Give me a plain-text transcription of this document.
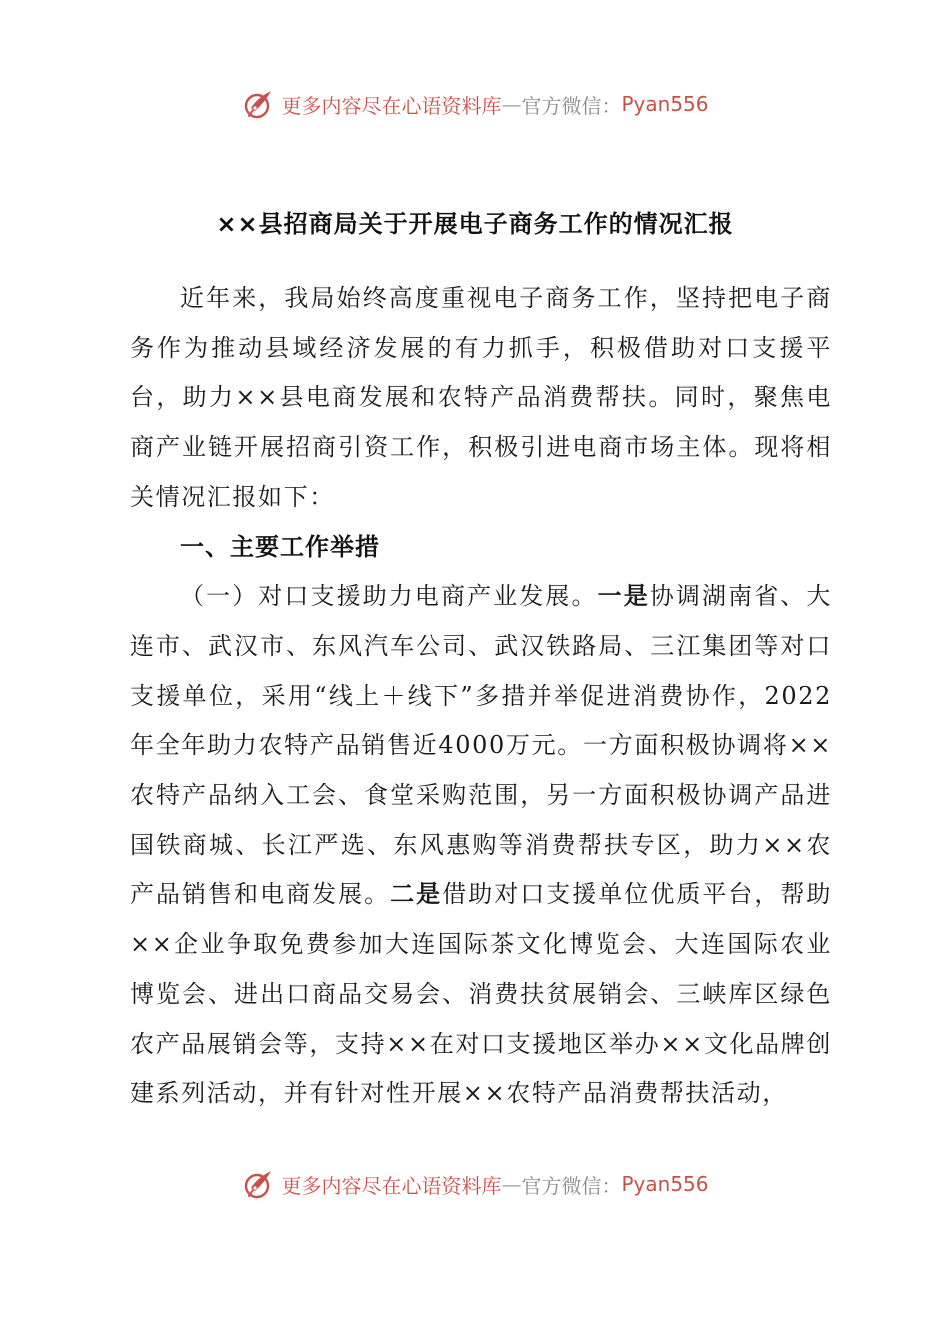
更多内容尽在心语资料库 — 官方微信： Pyan556
××县招商局关于开展电子商务工作的情况汇报

近年来，我局始终高度重视电子商务工作，坚持把电子商务作为推动县域经济发展的有力抓手，积极借助对口支援平台，助力××县电商发展和农特产品消费帮扶。同时，聚焦电商产业链开展招商引资工作，积极引进电商市场主体。现将相关情况汇报如下：

一、主要工作举措

（一）对口支援助力电商产业发展。一是协调湖南省、大连市、武汉市、东风汽车公司、武汉铁路局、三江集团等对口支援单位，采用“线上＋线下”多措并举促进消费协作，2022年全年助力农特产品销售近4000万元。一方面积极协调将××农特产品纳入工会、食堂采购范围，另一方面积极协调产品进国铁商城、长江严选、东风惠购等消费帮扶专区，助力××农产品销售和电商发展。二是借助对口支援单位优质平台，帮助××企业争取免费参加大连国际茶文化博览会、大连国际农业博览会、进出口商品交易会、消费扶贫展销会、三峡库区绿色农产品展销会等，支持××在对口支援地区举办××文化品牌创建系列活动，并有针对性开展××农特产品消费帮扶活动，

更多内容尽在心语资料库 — 官方微信： Pyan556
